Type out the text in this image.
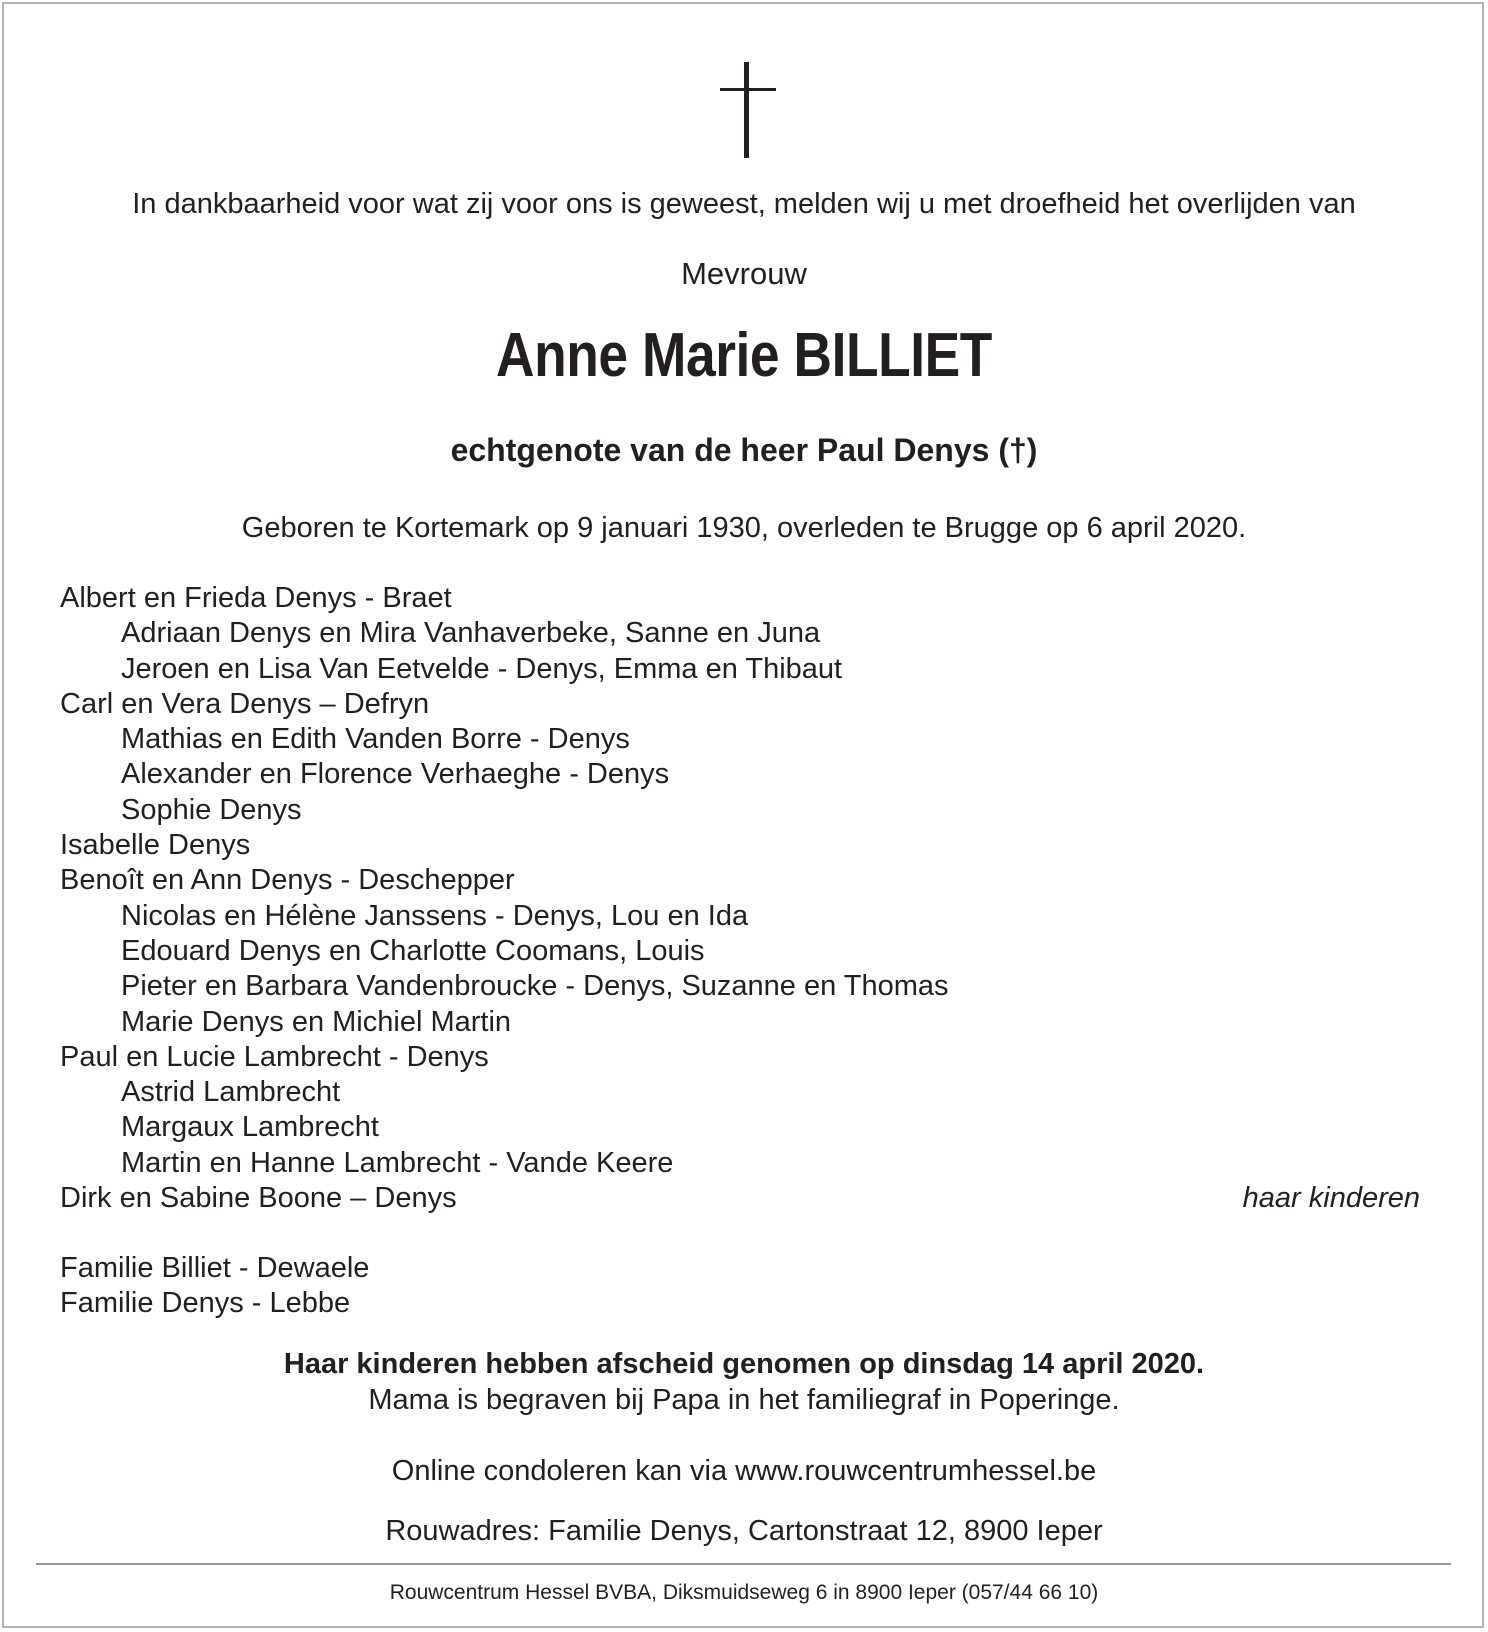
In dankbaarheid voor wat zij voor ons is geweest, melden wij u met droefheid het overlijden van
Mevrouw
Anne Marie BILLIET
echtgenote van de heer Paul Denys (†)
Geboren te Kortemark op 9 januari 1930, overleden te Brugge op 6 april 2020.
Albert en Frieda Denys - Braet
Adriaan Denys en Mira Vanhaverbeke, Sanne en Juna
Jeroen en Lisa Van Eetvelde - Denys, Emma en Thibaut
Carl en Vera Denys – Defryn
Mathias en Edith Vanden Borre - Denys
Alexander en Florence Verhaeghe - Denys
Sophie Denys
Isabelle Denys
Benoît en Ann Denys - Deschepper
Nicolas en Hélène Janssens - Denys, Lou en Ida
Edouard Denys en Charlotte Coomans, Louis
Pieter en Barbara Vandenbroucke - Denys, Suzanne en Thomas
Marie Denys en Michiel Martin
Paul en Lucie Lambrecht - Denys
Astrid Lambrecht
Margaux Lambrecht
Martin en Hanne Lambrecht - Vande Keere
Dirk en Sabine Boone – Denys	haar kinderen
Familie Billiet - Dewaele
Familie Denys - Lebbe
Haar kinderen hebben afscheid genomen op dinsdag 14 april 2020.
Mama is begraven bij Papa in het familiegraf in Poperinge.
Online condoleren kan via www.rouwcentrumhessel.be
Rouwadres: Familie Denys, Cartonstraat 12, 8900 Ieper
Rouwcentrum Hessel BVBA, Diksmuidseweg 6 in 8900 Ieper (057/44 66 10)
